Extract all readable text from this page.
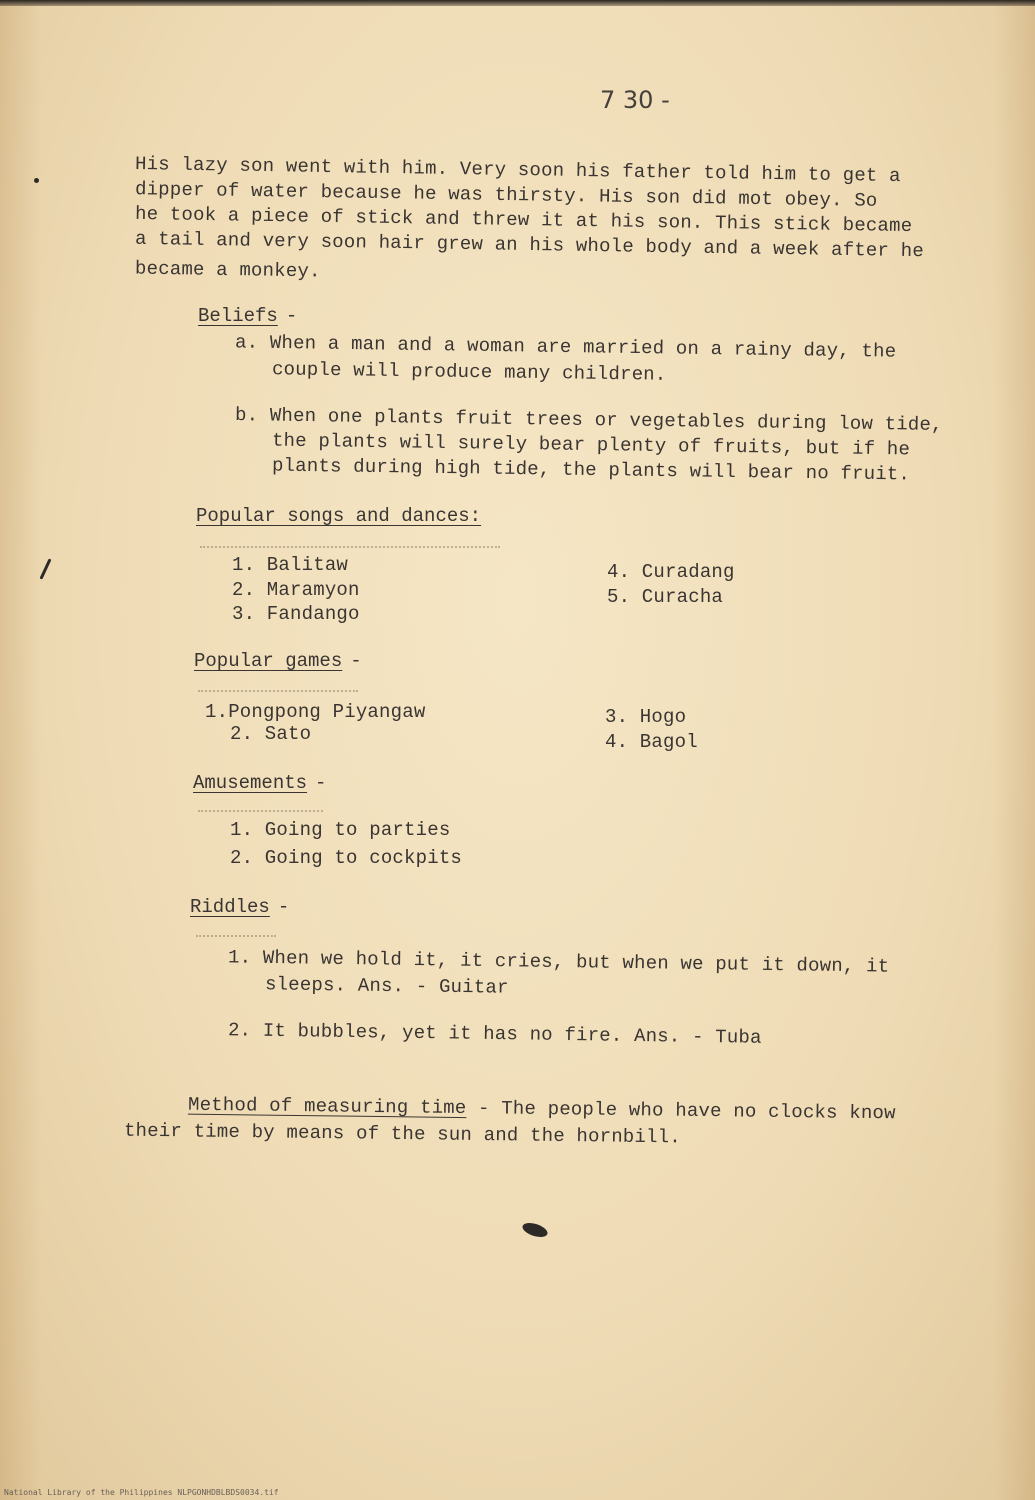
7 30 -
His lazy son went with him. Very soon his father told him to get a
dipper of water because he was thirsty. His son did mot obey. So
he took a piece of stick and threw it at his son. This stick became
a tail and very soon hair grew an his whole body and a week after he
became a monkey.
Beliefs -
a. When a man and a woman are married on a rainy day, the
couple will produce many children.
b. When one plants fruit trees or vegetables during low tide,
the plants will surely bear plenty of fruits, but if he
plants during high tide, the plants will bear no fruit.
Popular songs and dances:
1. Balitaw
2. Maramyon
3. Fandango
4. Curadang
5. Curacha
Popular games -
1.Pongpong Piyangaw
2. Sato
3. Hogo
4. Bagol
Amusements -
1. Going to parties
2. Going to cockpits
Riddles -
1. When we hold it, it cries, but when we put it down, it
sleeps. Ans. - Guitar
2. It bubbles, yet it has no fire. Ans. - Tuba
Method of measuring time - The people who have no clocks know
their time by means of the sun and the hornbill.
National Library of the Philippines NLPGONHDBLBDS0034.tif
